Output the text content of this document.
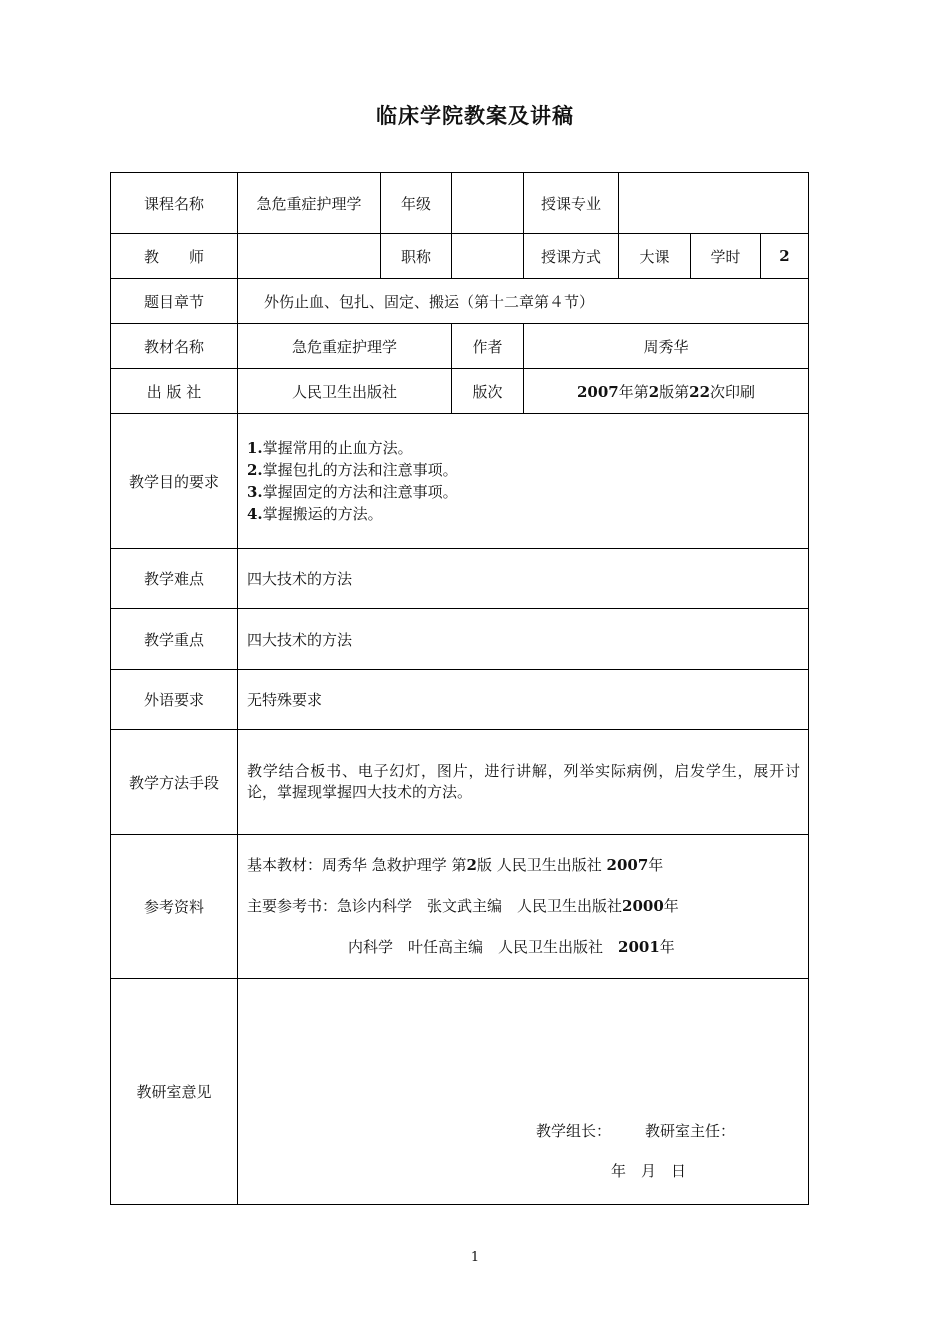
临床学院教案及讲稿
课程名称	急危重症护理学	年级		授课专业			
教　　师		职称		授课方式	大课	学时	2
题目章节	外伤止血、包扎、固定、搬运（第十二章第４节）						
教材名称	急危重症护理学		作者	周秀华			
出 版 社	人民卫生出版社		版次	2007年第2版第22次印刷			
教学目的要求	1.掌握常用的止血方法。
2.掌握包扎的方法和注意事项。
3.掌握固定的方法和注意事项。
4.掌握搬运的方法。						

教学难点	四大技术的方法						
教学重点	四大技术的方法						
外语要求	无特殊要求						
教学方法手段	教学结合板书、电子幻灯，图片，进行讲解，列举实际病例，启发学生，展开讨论，掌握现掌握四大技术的方法。						
参考资料	基本教材：周秀华 急救护理学 第2版 人民卫生出版社 2007年
主要参考书：急诊内科学　张文武主编　人民卫生出版社2000年
内科学　叶任高主编　人民卫生出版社　2001年						

教研室意见	教学组长： 教研室主任：
年　月　日						
1
